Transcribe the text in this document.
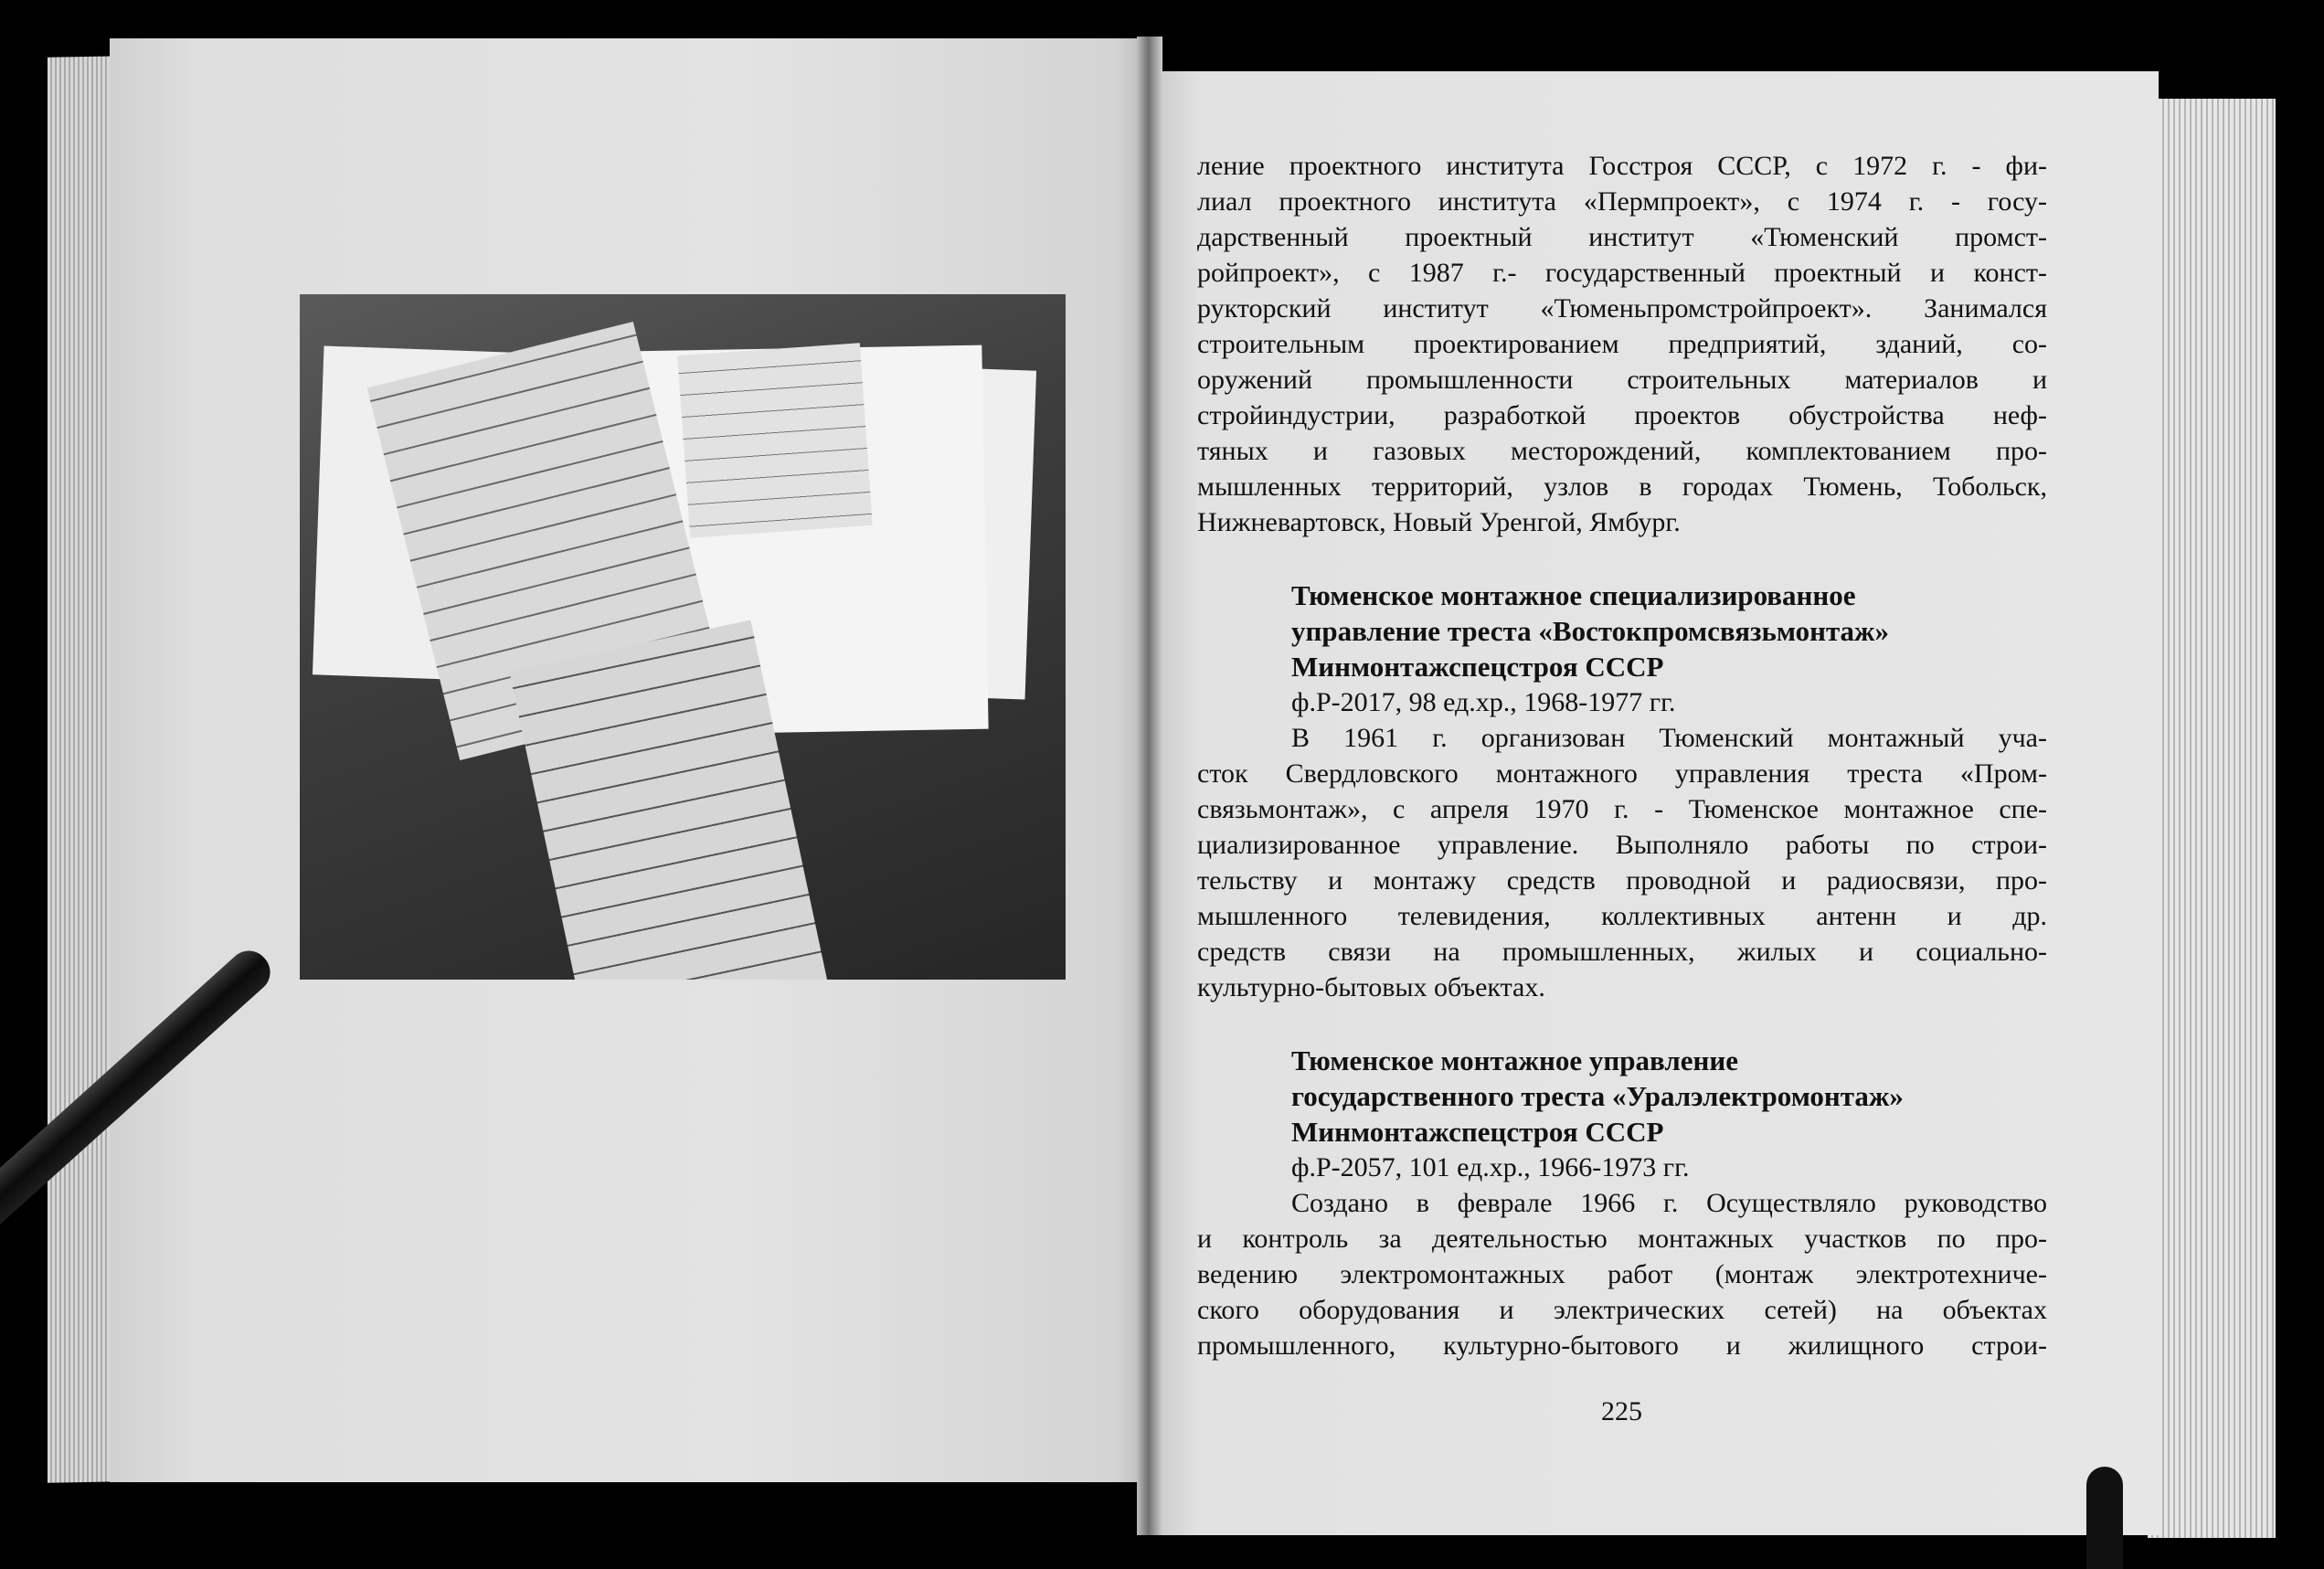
ление проектного института Госстроя СССР, с 1972 г. - фи-
лиал проектного института «Пермпроект», с 1974 г. - госу-
дарственный проектный институт «Тюменский промст-
ройпроект», с 1987 г.- государственный проектный и конст-
рукторский институт «Тюменьпромстройпроект». Занимался
строительным проектированием предприятий, зданий, со-
оружений промышленности строительных материалов и
стройиндустрии, разработкой проектов обустройства неф-
тяных и газовых месторождений, комплектованием про-
мышленных территорий, узлов в городах Тюмень, Тобольск,
Нижневартовск, Новый Уренгой, Ямбург.
Тюменское монтажное специализированное
управление треста «Востокпромсвязьмонтаж»
Минмонтажспецстроя СССР
ф.Р-2017, 98 ед.хр., 1968-1977 гг.
В 1961 г. организован Тюменский монтажный уча-
сток Свердловского монтажного управления треста «Пром-
связьмонтаж», с апреля 1970 г. - Тюменское монтажное спе-
циализированное управление. Выполняло работы по строи-
тельству и монтажу средств проводной и радиосвязи, про-
мышленного телевидения, коллективных антенн и др.
средств связи на промышленных, жилых и социально-
культурно-бытовых объектах.
Тюменское монтажное управление
государственного треста «Уралэлектромонтаж»
Минмонтажспецстроя СССР
ф.Р-2057, 101 ед.хр., 1966-1973 гг.
Создано в феврале 1966 г. Осуществляло руководство
и контроль за деятельностью монтажных участков по про-
ведению электромонтажных работ (монтаж электротехниче-
ского оборудования и электрических сетей) на объектах
промышленного, культурно-бытового и жилищного строи-
225
